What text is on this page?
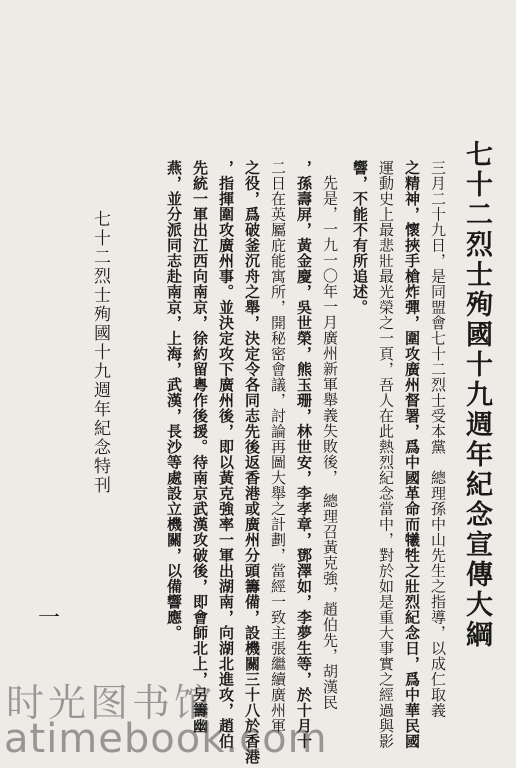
七十二烈士殉國十九週年紀念宣傳大綱
三月二十九日，是同盟會七十二烈士受本黨　總理孫中山先生之指導，以成仁取義
之精神，懷挾手槍炸彈，圍攻廣州督署，爲中國革命而犧牲之壯烈紀念日，爲中華民國
運動史上最悲壯最光榮之一頁，吾人在此熱烈紀念當中，對於如是重大事實之經過與影
響，不能不有所追述。
先是，一九一〇年一月廣州新軍舉義失敗後，　總理召黃克強，趙伯先，胡漢民
，孫壽屏，黃金慶，吳世榮，熊玉珊，林世安，李孝章，鄧澤如，李夢生等，於十月十
二日在英屬庇能寓所，開秘密會議，討論再圖大舉之計劃，當經一致主張繼續廣州軍
之役，爲破釜沉舟之舉，決定令各同志先後返香港或廣州分頭籌備，設機關三十八於香港
，指揮圍攻廣州事。並決定攻下廣州後，即以黃克強率一軍出湖南，向湖北進攻，趙伯
先統一軍出江西向南京，徐約留粵作後援。待南京武漢攻破後，即會師北上，另籌幽
燕，並分派同志赴南京，上海，武漢，長沙等處設立機關，以備響應。
七十二烈士殉國十九週年紀念特刊
一
时光图书馆
atimebook.com
